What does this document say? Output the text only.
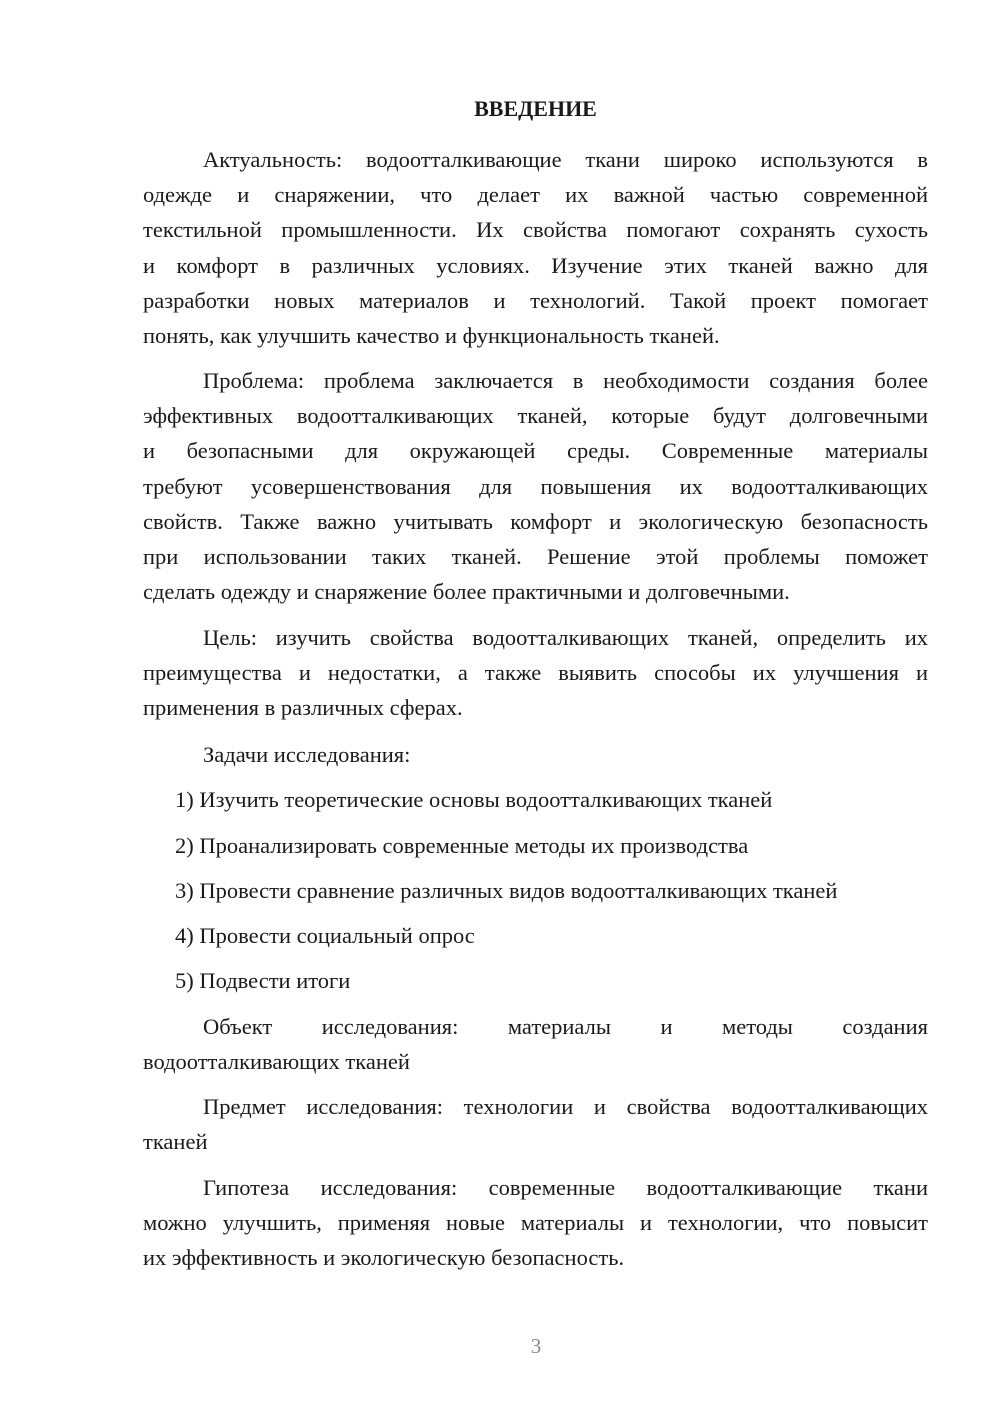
ВВЕДЕНИЕ
Актуальность: водоотталкивающие ткани широко используются в
одежде и снаряжении, что делает их важной частью современной
текстильной промышленности. Их свойства помогают сохранять сухость
и комфорт в различных условиях. Изучение этих тканей важно для
разработки новых материалов и технологий. Такой проект помогает
понять, как улучшить качество и функциональность тканей.
Проблема: проблема заключается в необходимости создания более
эффективных водоотталкивающих тканей, которые будут долговечными
и безопасными для окружающей среды. Современные материалы
требуют усовершенствования для повышения их водоотталкивающих
свойств. Также важно учитывать комфорт и экологическую безопасность
при использовании таких тканей. Решение этой проблемы поможет
сделать одежду и снаряжение более практичными и долговечными.
Цель: изучить свойства водоотталкивающих тканей, определить их
преимущества и недостатки, а также выявить способы их улучшения и
применения в различных сферах.
Задачи исследования:
Объект исследования: материалы и методы создания
водоотталкивающих тканей
Предмет исследования: технологии и свойства водоотталкивающих
тканей
Гипотеза исследования: современные водоотталкивающие ткани
можно улучшить, применяя новые материалы и технологии, что повысит
их эффективность и экологическую безопасность.
1) Изучить теоретические основы водоотталкивающих тканей
2) Проанализировать современные методы их производства
3) Провести сравнение различных видов водоотталкивающих тканей
4) Провести социальный опрос
5) Подвести итоги
3
